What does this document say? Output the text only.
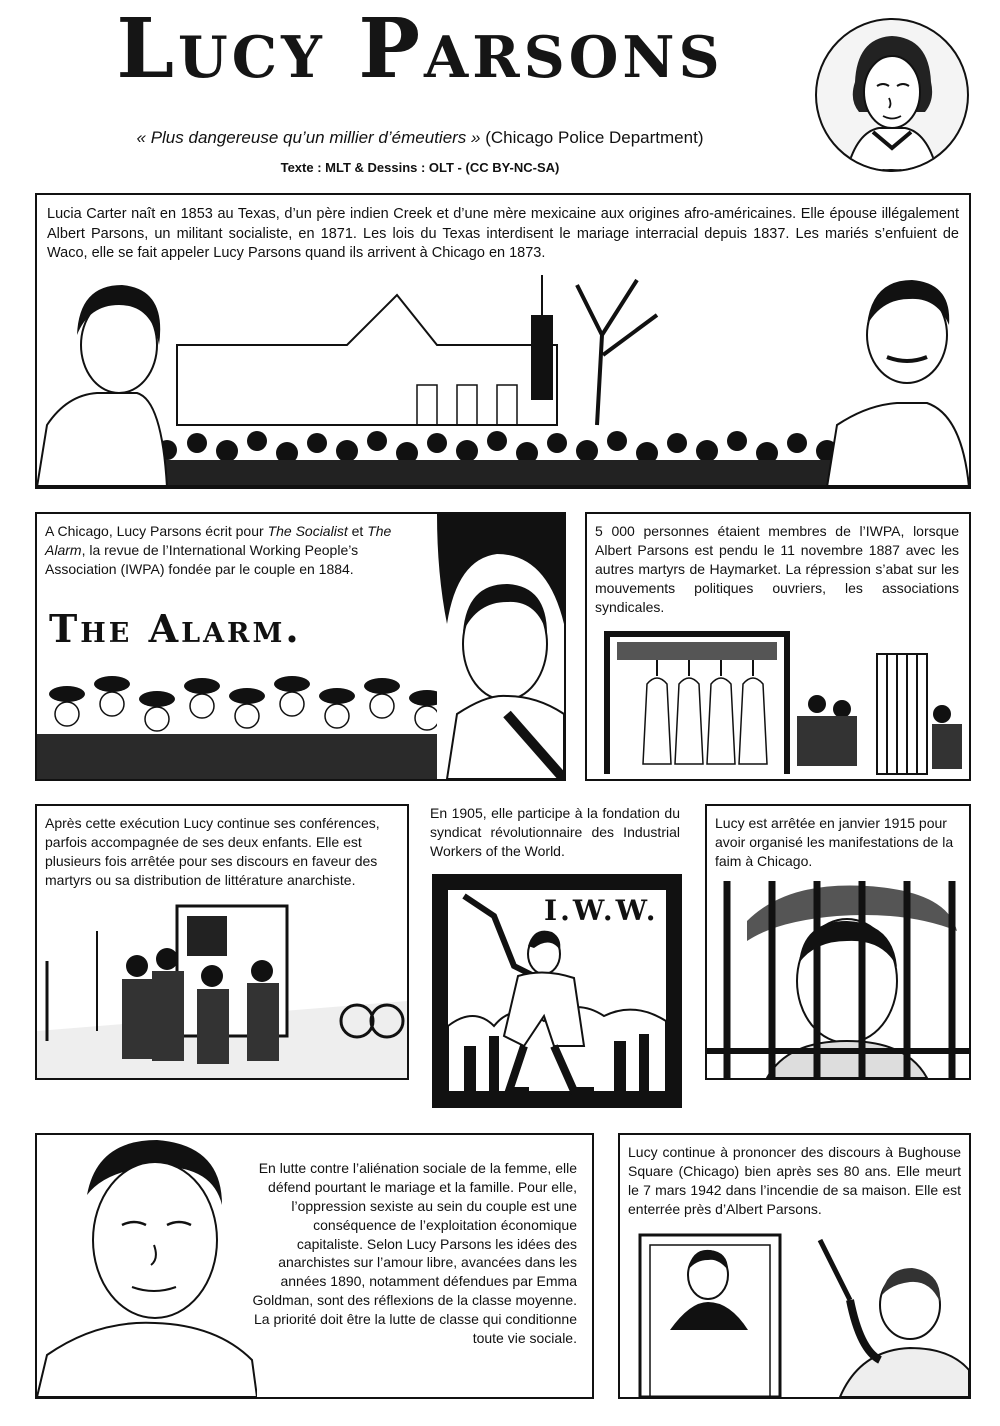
Lucy Parsons
« Plus dangereuse qu’un millier d’émeutiers » (Chicago Police Department)
Texte : MLT & Dessins : OLT - (CC BY-NC-SA)
Lucia Carter naît en 1853 au Texas, d’un père indien Creek et d’une mère mexicaine aux origines afro-américaines. Elle épouse illégalement Albert Parsons, un militant socialiste, en 1871. Les lois du Texas interdisent le mariage interracial depuis 1837. Les mariés s’enfuient de Waco, elle se fait appeler Lucy Parsons quand ils arrivent à Chicago en 1873.
A Chicago, Lucy Parsons écrit pour The Socialist et The Alarm, la revue de l’International Working People’s Association (IWPA) fondée par le couple en 1884.
The Alarm.
5 000 personnes étaient membres de l’IWPA, lorsque Albert Parsons est pendu le 11 novembre 1887 avec les autres martyrs de Haymarket. La répression s’abat sur les mouvements politiques ouvriers, les associations syndicales.
Après cette exécution Lucy continue ses conférences, parfois accompagnée de ses deux enfants. Elle est plusieurs fois arrêtée pour ses discours en faveur des martyrs ou sa distribution de littérature anarchiste.
En 1905, elle participe à la fondation du syndicat révolutionnaire des Industrial Workers of the World.
I.W.W.
Lucy est arrêtée en janvier 1915 pour avoir organisé les manifestations de la faim à Chicago.
En lutte contre l’aliénation sociale de la femme, elle défend pourtant le mariage et la famille. Pour elle, l’oppression sexiste au sein du couple est une conséquence de l’exploitation économique capitaliste. Selon Lucy Parsons les idées des anarchistes sur l’amour libre, avancées dans les années 1890, notamment défendues par Emma Goldman, sont des réflexions de la classe moyenne. La priorité doit être la lutte de classe qui conditionne toute vie sociale.
Lucy continue à prononcer des discours à Bughouse Square (Chicago) bien après ses 80 ans. Elle meurt le 7 mars 1942 dans l’incendie de sa maison. Elle est enterrée près d’Albert Parsons.
